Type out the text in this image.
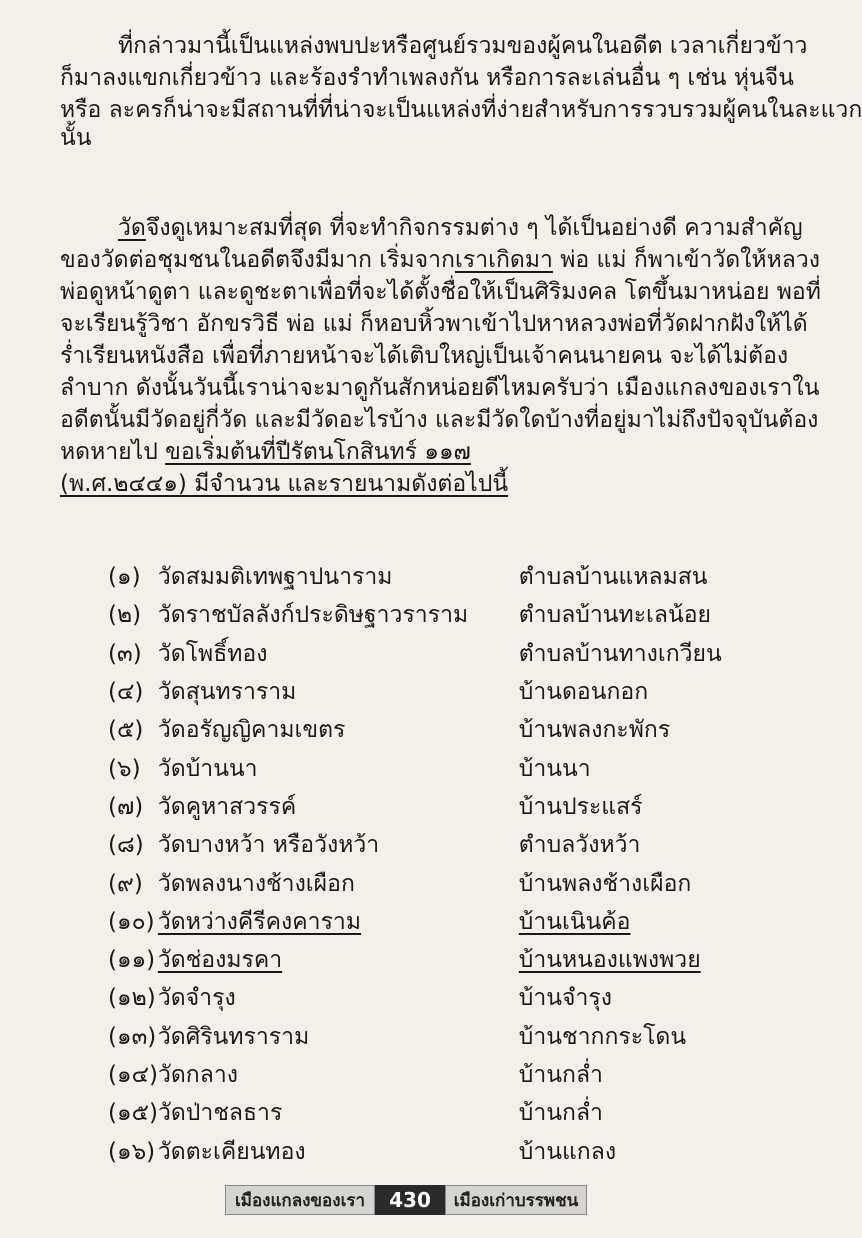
ที่กล่าวมานี้เป็นแหล่งพบปะหรือศูนย์รวมของผู้คนในอดีต เวลาเกี่ยวข้าว
ก็มาลงแขกเกี่ยวข้าว และร้องรำทำเพลงกัน หรือการละเล่นอื่น ๆ เช่น หุ่นจีน
หรือ ละครก็น่าจะมีสถานที่ที่น่าจะเป็นแหล่งที่ง่ายสำหรับการรวบรวมผู้คนในละแวก
นั้น
วัดจึงดูเหมาะสมที่สุด ที่จะทำกิจกรรมต่าง ๆ ได้เป็นอย่างดี ความสำคัญ
ของวัดต่อชุมชนในอดีตจึงมีมาก เริ่มจากเราเกิดมา พ่อ แม่ ก็พาเข้าวัดให้หลวง
พ่อดูหน้าดูตา และดูชะตาเพื่อที่จะได้ตั้งชื่อให้เป็นศิริมงคล โตขึ้นมาหน่อย พอที่
จะเรียนรู้วิชา อักขรวิธี พ่อ แม่ ก็หอบหิ้วพาเข้าไปหาหลวงพ่อที่วัดฝากฝังให้ได้
ร่ำเรียนหนังสือ เพื่อที่ภายหน้าจะได้เติบใหญ่เป็นเจ้าคนนายคน จะได้ไม่ต้อง
ลำบาก ดังนั้นวันนี้เราน่าจะมาดูกันสักหน่อยดีไหมครับว่า เมืองแกลงของเราใน
อดีตนั้นมีวัดอยู่กี่วัด และมีวัดอะไรบ้าง และมีวัดใดบ้างที่อยู่มาไม่ถึงปัจจุบันต้อง
หดหายไป ขอเริ่มต้นที่ปีรัตนโกสินทร์ ๑๑๗
(พ.ศ.๒๔๔๑) มีจำนวน และรายนามดังต่อไปนี้
(๑) วัดสมมติเทพฐาปนาราม	ตำบลบ้านแหลมสน
(๒) วัดราชบัลลังก์ประดิษฐาวราราม	ตำบลบ้านทะเลน้อย
(๓) วัดโพธิ์ทอง	ตำบลบ้านทางเกวียน
(๔) วัดสุนทราราม	บ้านดอนกอก
(๕) วัดอรัญญิคามเขตร	บ้านพลงกะพักร
(๖) วัดบ้านนา	บ้านนา
(๗) วัดคูหาสวรรค์	บ้านประแสร์
(๘) วัดบางหว้า หรือวังหว้า	ตำบลวังหว้า
(๙) วัดพลงนางช้างเผือก	บ้านพลงช้างเผือก
(๑๐) วัดหว่างคีรีคงคาราม	บ้านเนินค้อ
(๑๑) วัดช่องมรคา	บ้านหนองแพงพวย
(๑๒) วัดจำรุง	บ้านจำรุง
(๑๓) วัดศิรินทราราม	บ้านชากกระโดน
(๑๔) วัดกลาง	บ้านกล่ำ
(๑๕) วัดป่าชลธาร	บ้านกล่ำ
(๑๖) วัดตะเคียนทอง	บ้านแกลง
เมืองแกลงของเรา	430	เมืองเก่าบรรพชน
